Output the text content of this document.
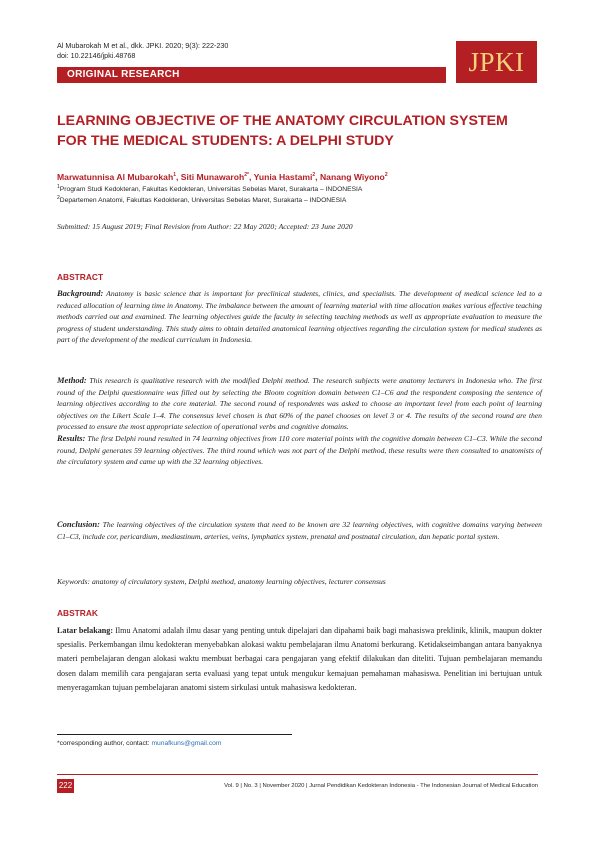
Al Mubarokah M et al., dkk. JPKI. 2020; 9(3): 222-230
doi: 10.22146/jpki.48768
ORIGINAL RESEARCH	JPKI
LEARNING OBJECTIVE OF THE ANATOMY CIRCULATION SYSTEM
FOR THE MEDICAL STUDENTS: A DELPHI STUDY
Marwatunnisa Al Mubarokah$^1$, Siti Munawaroh$^{2*}$, Yunia Hastami$^2$, Nanang Wiyono$^2$
$^1$Program Studi Kedokteran, Fakultas Kedokteran, Universitas Sebelas Maret, Surakarta – INDONESIA
$^2$Departemen Anatomi, Fakultas Kedokteran, Universitas Sebelas Maret, Surakarta – INDONESIA
Submitted: 15 August 2019; Final Revision from Author: 22 May 2020; Accepted: 23 June 2020
ABSTRACT
Background: Anatomy is basic science that is important for preclinical students, clinics, and specialists. The development of medical science led to a reduced allocation of learning time in Anatomy. The imbalance between the amount of learning material with time allocation makes various effective teaching methods carried out and examined. The learning objectives guide the faculty in selecting teaching methods as well as appropriate evaluation to measure the progress of student understanding. This study aims to obtain detailed anatomical learning objectives regarding the circulation system for medical students as part of the development of the medical curriculum in Indonesia.
Method: This research is qualitative research with the modified Delphi method. The research subjects were anatomy lecturers in Indonesia who. The first round of the Delphi questionnaire was filled out by selecting the Bloom cognition domain between C1–C6 and the respondent composing the sentence of learning objectives according to the core material. The second round of respondents was asked to choose an important level from each point of learning objectives on the Likert Scale 1–4. The consensus level chosen is that 60% of the panel chooses on level 3 or 4. The results of the second round are then processed to ensure the most appropriate selection of operational verbs and cognitive domains.
Results: The first Delphi round resulted in 74 learning objectives from 110 core material points with the cognitive domain between C1–C3. While the second round, Delphi generates 59 learning objectives. The third round which was not part of the Delphi method, these results were then consulted to anatomists of the circulatory system and came up with the 32 learning objectives.
Conclusion: The learning objectives of the circulation system that need to be known are 32 learning objectives, with cognitive domains varying between C1–C3, include cor, pericardium, mediastinum, arteries, veins, lymphatics system, prenatal and postnatal circulation, dan hepatic portal system.
Keywords: anatomy of circulatory system, Delphi method, anatomy learning objectives, lecturer consensus
ABSTRAK
Latar belakang: Ilmu Anatomi adalah ilmu dasar yang penting untuk dipelajari dan dipahami baik bagi mahasiswa preklinik, klinik, maupun dokter spesialis. Perkembangan ilmu kedokteran menyebabkan alokasi waktu pembelajaran ilmu Anatomi berkurang. Ketidakseimbangan antara banyaknya materi pembelajaran dengan alokasi waktu membuat berbagai cara pengajaran yang efektif dilakukan dan diteliti. Tujuan pembelajaran memandu dosen dalam memilih cara pengajaran serta evaluasi yang tepat untuk mengukur kemajuan pemahaman mahasiswa. Penelitian ini bertujuan untuk menyeragamkan tujuan pembelajaran anatomi sistem sirkulasi untuk mahasiswa kedokteran.
*corresponding author, contact: munafkuns@gmail.com
222	Vol. 9 | No. 3 | November 2020 | Jurnal Pendidikan Kedokteran Indonesia - The Indonesian Journal of Medical Education
